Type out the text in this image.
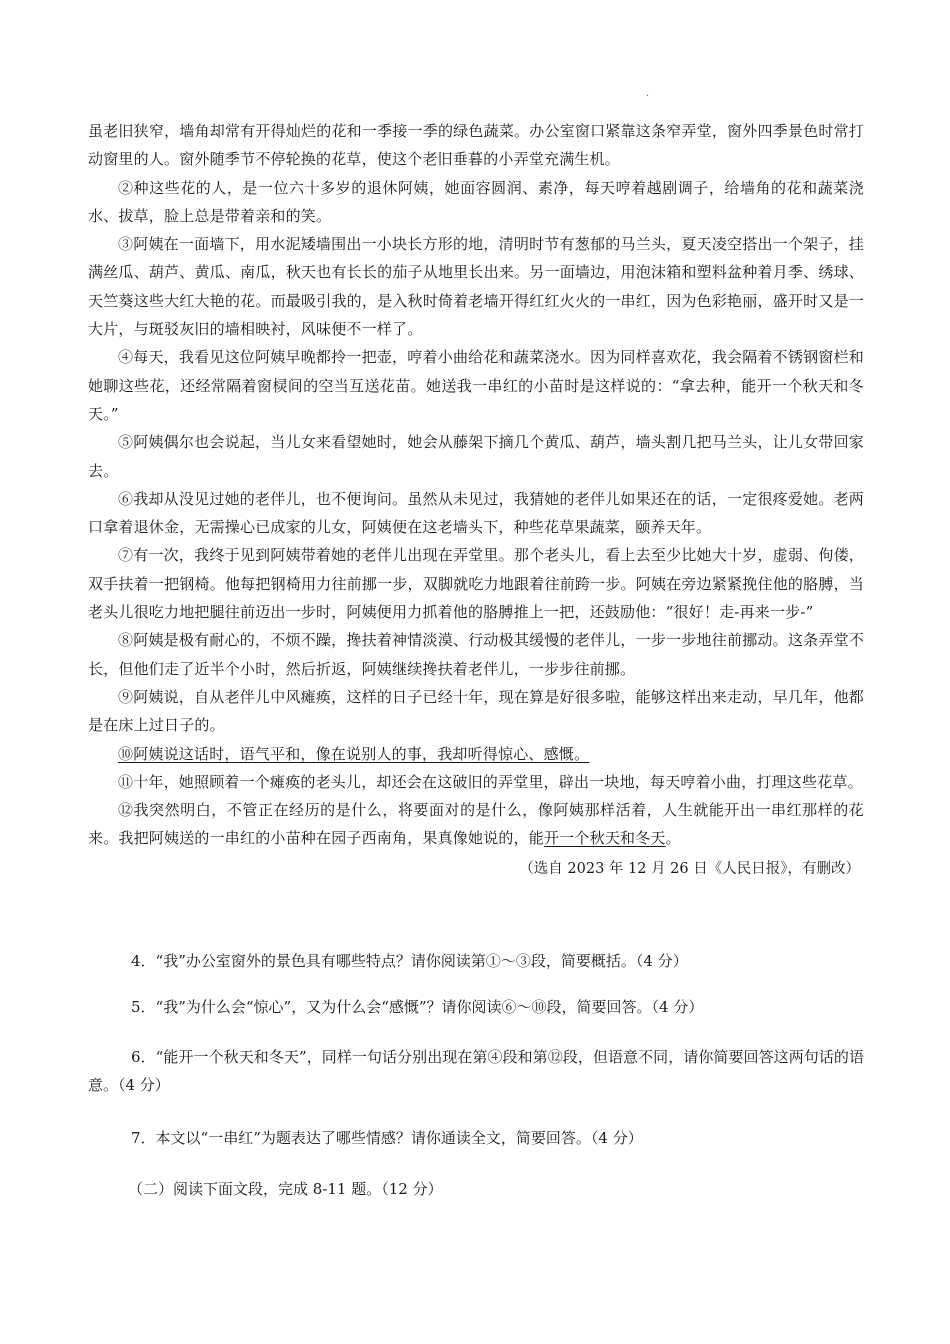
·

虽老旧狭窄，墙角却常有开得灿烂的花和一季接一季的绿色蔬菜。办公室窗口紧靠这条窄弄堂，窗外四季景色时常打动窗里的人。窗外随季节不停轮换的花草，使这个老旧垂暮的小弄堂充满生机。

②种这些花的人，是一位六十多岁的退休阿姨，她面容圆润、素净，每天哼着越剧调子，给墙角的花和蔬菜浇水、拔草，脸上总是带着亲和的笑。

③阿姨在一面墙下，用水泥矮墙围出一小块长方形的地，清明时节有葱郁的马兰头，夏天凌空搭出一个架子，挂满丝瓜、葫芦、黄瓜、南瓜，秋天也有长长的茄子从地里长出来。另一面墙边，用泡沫箱和塑料盆种着月季、绣球、天竺葵这些大红大艳的花。而最吸引我的，是入秋时倚着老墙开得红红火火的一串红，因为色彩艳丽，盛开时又是一大片，与斑驳灰旧的墙相映衬，风味便不一样了。

④每天，我看见这位阿姨早晚都拎一把壶，哼着小曲给花和蔬菜浇水。因为同样喜欢花，我会隔着不锈钢窗栏和她聊这些花，还经常隔着窗棂间的空当互送花苗。她送我一串红的小苗时是这样说的：“拿去种，能开一个秋天和冬天。”

⑤阿姨偶尔也会说起，当儿女来看望她时，她会从藤架下摘几个黄瓜、葫芦，墙头割几把马兰头，让儿女带回家去。

⑥我却从没见过她的老伴儿，也不便询问。虽然从未见过，我猜她的老伴儿如果还在的话，一定很疼爱她。老两口拿着退休金，无需操心已成家的儿女，阿姨便在这老墙头下，种些花草果蔬菜，颐养天年。

⑦有一次，我终于见到阿姨带着她的老伴儿出现在弄堂里。那个老头儿，看上去至少比她大十岁，虚弱、佝偻，双手扶着一把钢椅。他每把钢椅用力往前挪一步，双脚就吃力地跟着往前跨一步。阿姨在旁边紧紧挽住他的胳膊，当老头儿很吃力地把腿往前迈出一步时，阿姨便用力抓着他的胳膊推上一把，还鼓励他：“很好！走-再来一步-”

⑧阿姨是极有耐心的，不烦不躁，搀扶着神情淡漠、行动极其缓慢的老伴儿，一步一步地往前挪动。这条弄堂不长，但他们走了近半个小时，然后折返，阿姨继续搀扶着老伴儿，一步步往前挪。

⑨阿姨说，自从老伴儿中风瘫痪，这样的日子已经十年，现在算是好很多啦，能够这样出来走动，早几年，他都是在床上过日子的。

⑩阿姨说这话时，语气平和，像在说别人的事，我却听得惊心、感慨。

⑪十年，她照顾着一个瘫痪的老头儿，却还会在这破旧的弄堂里，辟出一块地，每天哼着小曲，打理这些花草。

⑫我突然明白，不管正在经历的是什么，将要面对的是什么，像阿姨那样活着，人生就能开出一串红那样的花来。我把阿姨送的一串红的小苗种在园子西南角，果真像她说的，能开一个秋天和冬天。

（选自 2023 年 12 月 26 日《人民日报》，有删改）

4．“我”办公室窗外的景色具有哪些特点？请你阅读第①～③段，简要概括。（4 分）

5．“我”为什么会“惊心”，又为什么会“感慨”？请你阅读⑥～⑩段，简要回答。（4 分）

6．“能开一个秋天和冬天”，同样一句话分别出现在第④段和第⑫段，但语意不同，请你简要回答这两句话的语意。（4 分）

7．本文以“一串红”为题表达了哪些情感？请你通读全文，简要回答。（4 分）

（二）阅读下面文段，完成 8-11 题。（12 分）
